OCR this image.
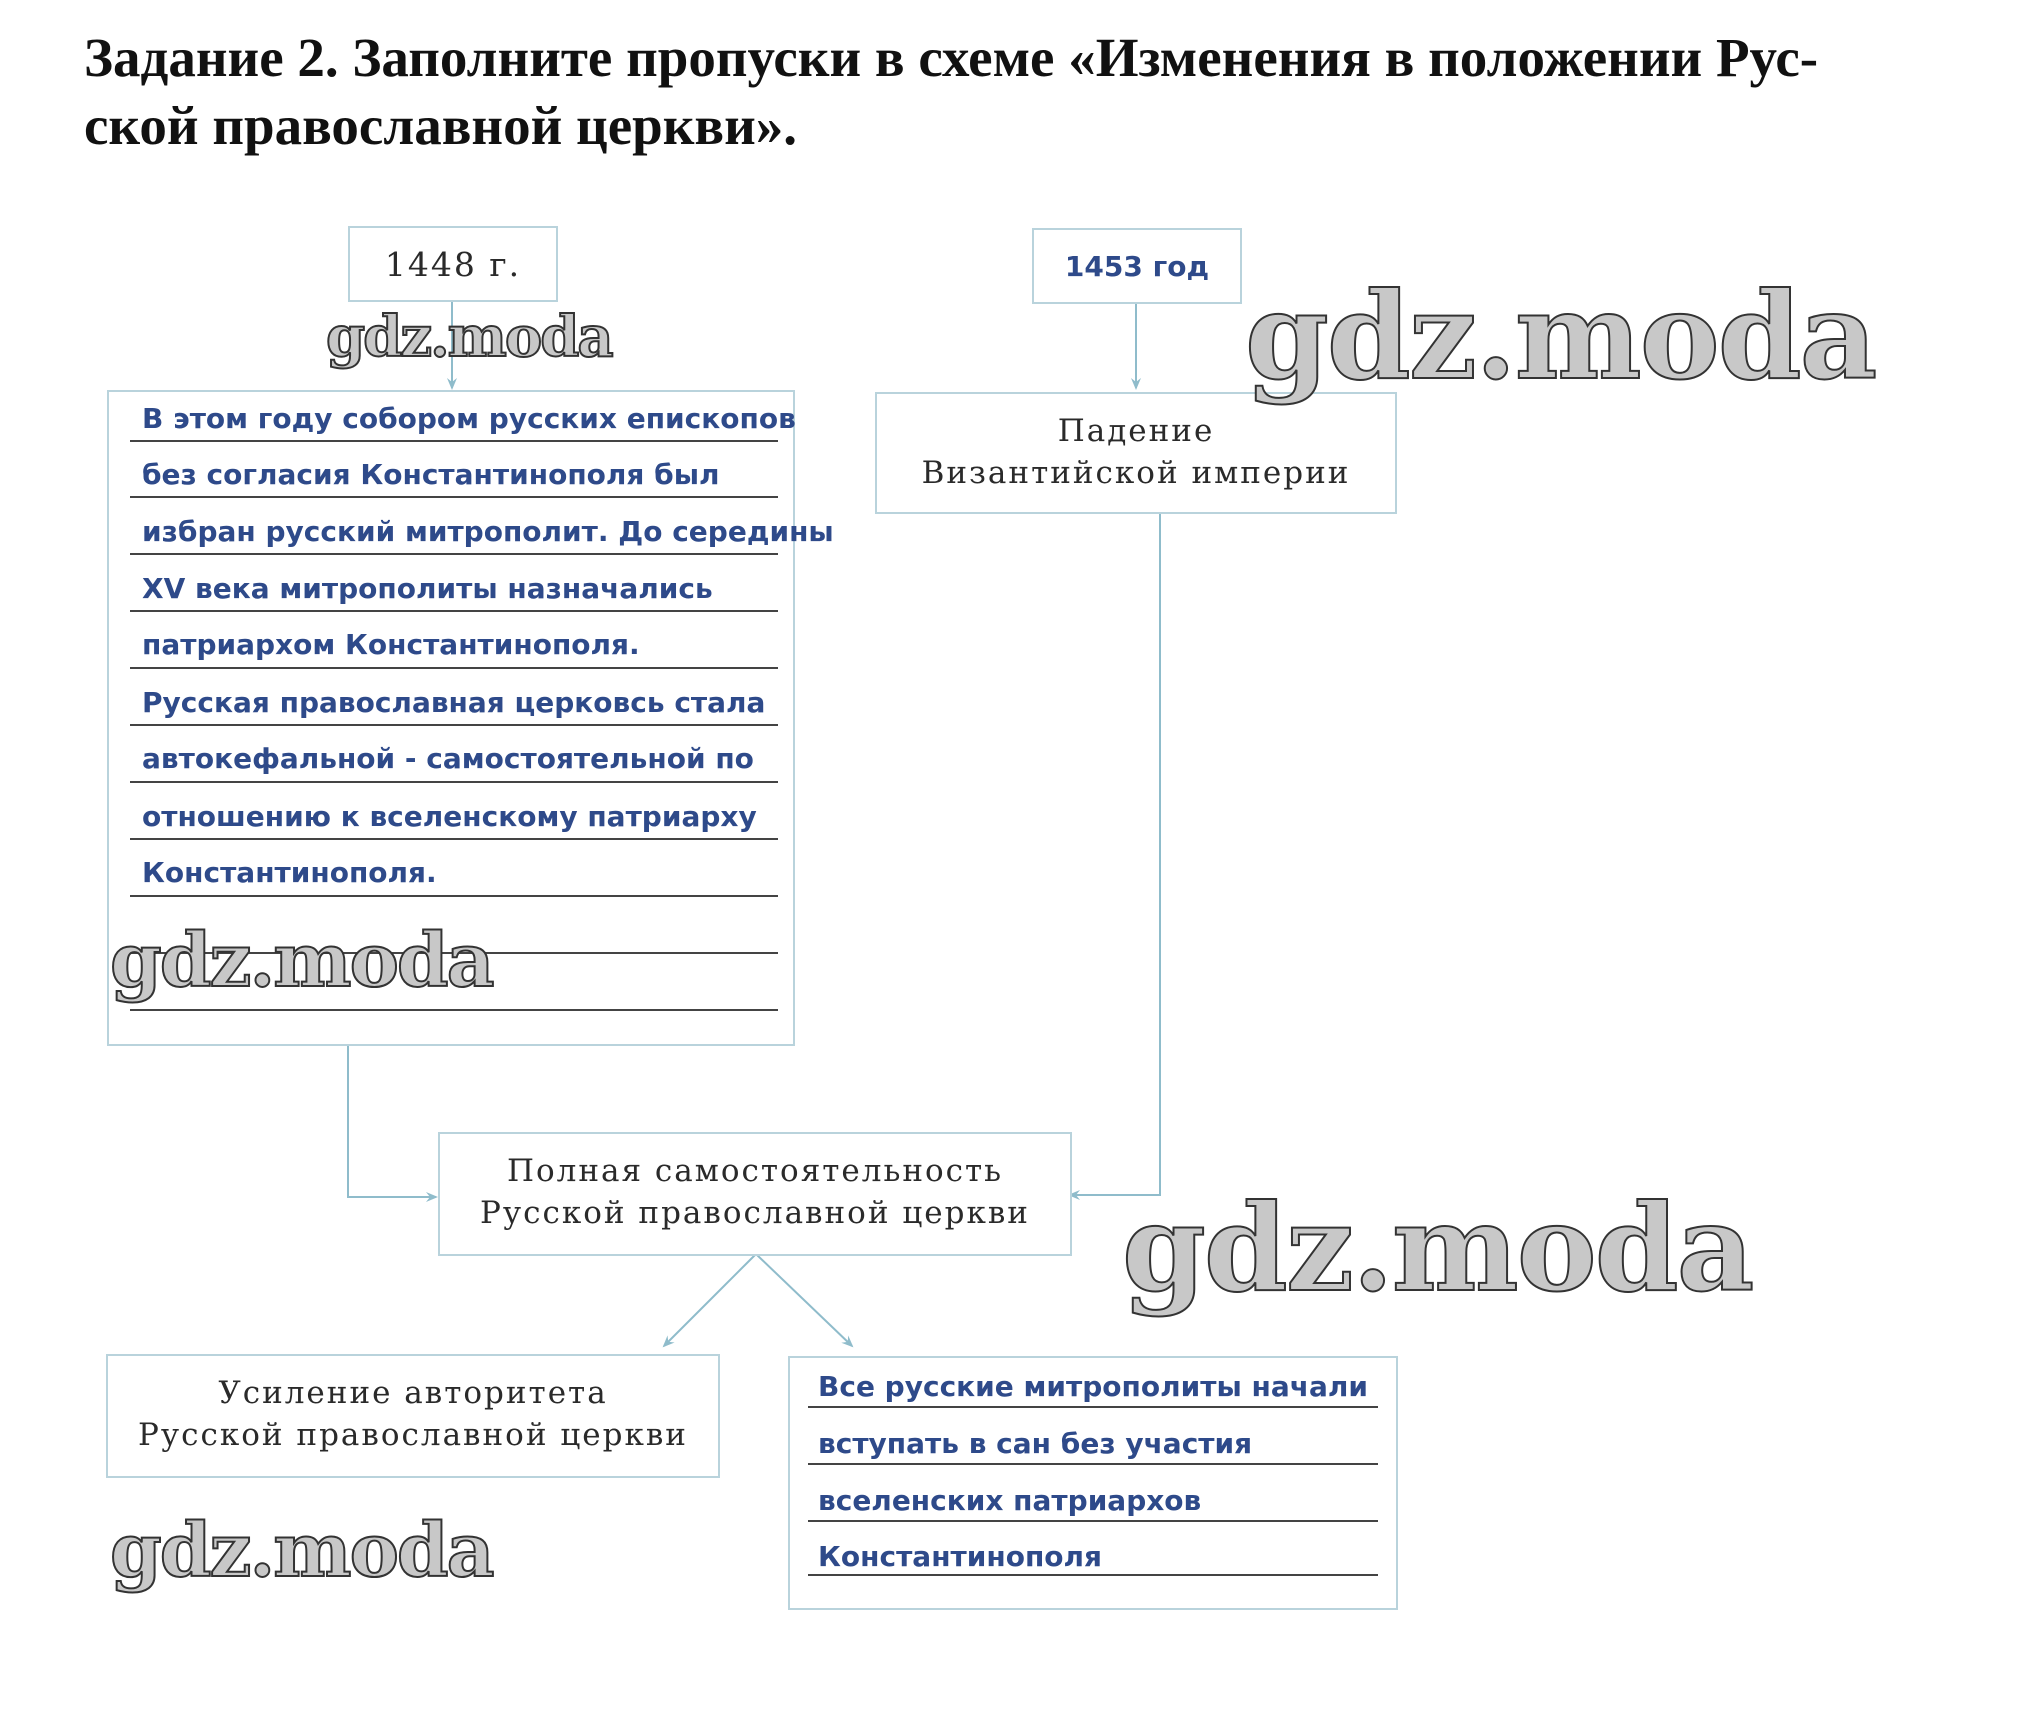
Задание 2. Заполните пропуски в схеме «Изменения в положении Рус-
ской православной церкви».
1448 г.	1453 год
Падение
Византийской империи
Полная самостоятельность
Русской православной церкви
Усиление авторитета
Русской православной церкви
В этом году собором русских епископов
без согласия Константинополя был
избран русский митрополит. До середины
XV века митрополиты назначались
патриархом Константинополя.
Русская православная церковсь стала
автокефальной - самостоятельной по
отношению к вселенскому патриарху
Константинополя.
Все русские митрополиты начали
вступать в сан без участия
вселенских патриархов
Константинополя
gdz.moda	gdz.moda
gdz.moda
gdz.moda
gdz.moda
